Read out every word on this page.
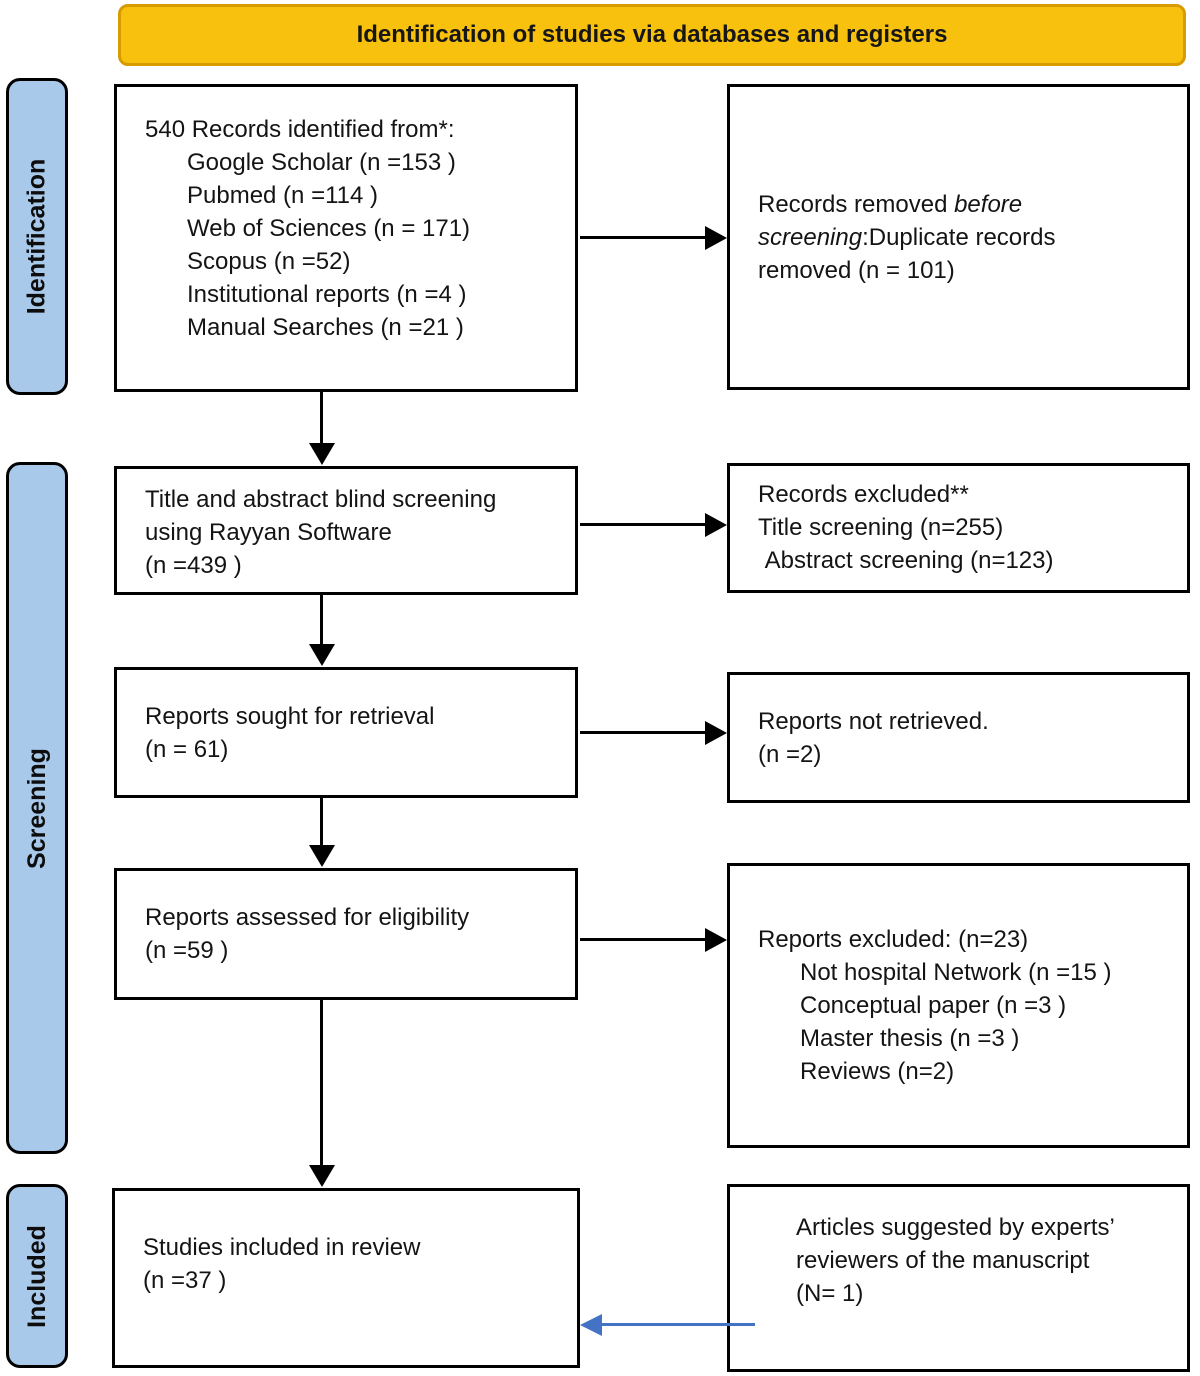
Identification of studies via databases and registers
Identification
Screening
Included
540 Records identified from*:
Google Scholar (n =153 )
Pubmed (n =114 )
Web of Sciences (n = 171)
Scopus (n =52)
Institutional reports (n =4 )
Manual Searches (n =21 )
Records removed before screening:Duplicate records removed (n = 101)
Title and abstract blind screening
using Rayyan Software
(n =439 )
Records excluded**
Title screening (n=255)
Abstract screening (n=123)
Reports sought for retrieval
(n = 61)
Reports not retrieved.
(n =2)
Reports assessed for eligibility
(n =59 )	Reports excluded: (n=23)
Not hospital Network (n =15 )
Conceptual paper (n =3 )
Master thesis (n =3 )
Reviews (n=2)
Studies included in review
(n =37 )
Articles suggested by experts’
reviewers of the manuscript
(N= 1)
